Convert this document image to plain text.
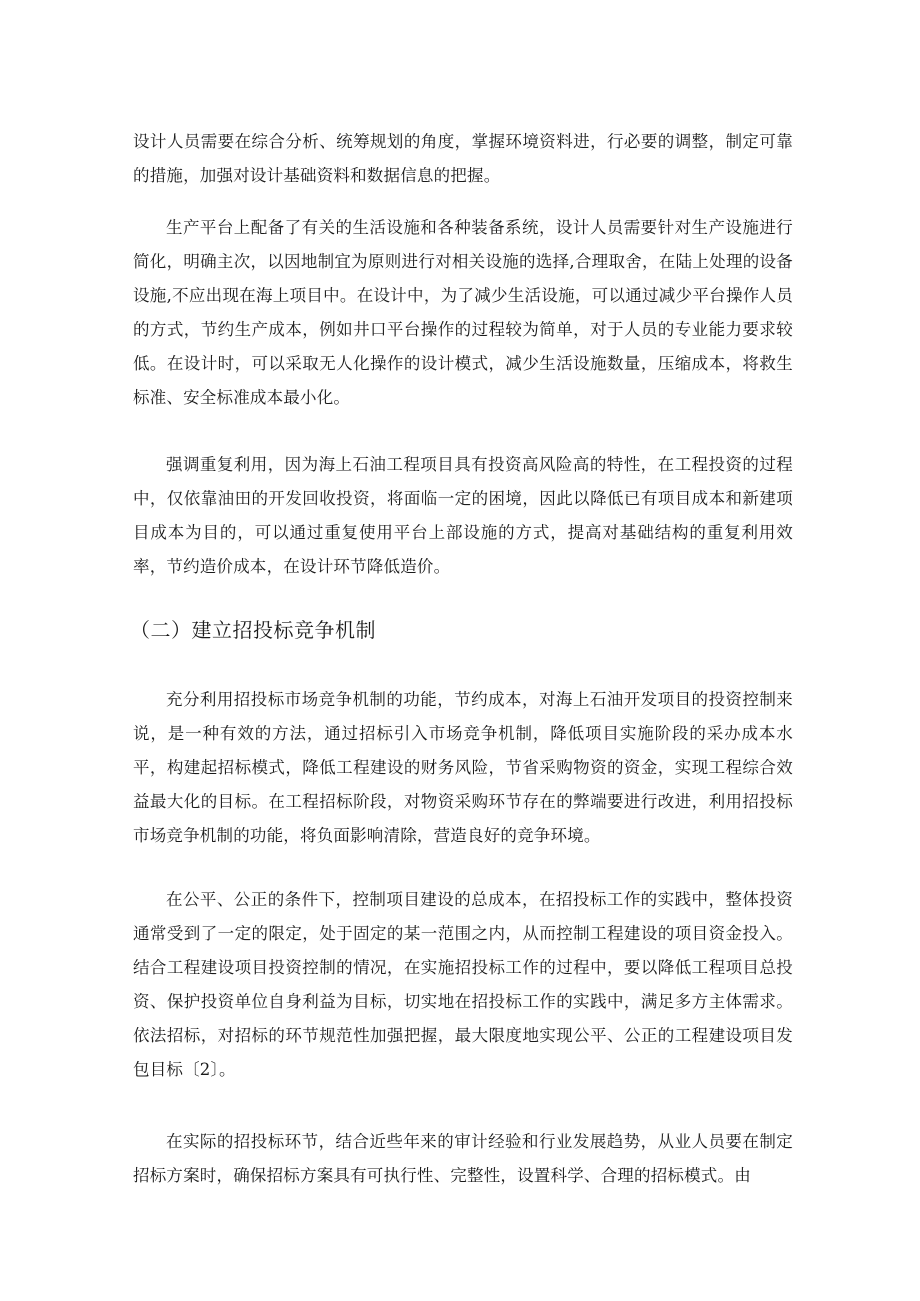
设计人员需要在综合分析、统筹规划的角度，掌握环境资料进，行必要的调整，制定可靠的措施，加强对设计基础资料和数据信息的把握。

生产平台上配备了有关的生活设施和各种装备系统，设计人员需要针对生产设施进行简化，明确主次，以因地制宜为原则进行对相关设施的选择,合理取舍，在陆上处理的设备设施,不应出现在海上项目中。在设计中，为了减少生活设施，可以通过减少平台操作人员的方式，节约生产成本，例如井口平台操作的过程较为简单，对于人员的专业能力要求较低。在设计时，可以采取无人化操作的设计模式，减少生活设施数量，压缩成本，将救生标准、安全标准成本最小化。

强调重复利用，因为海上石油工程项目具有投资高风险高的特性，在工程投资的过程中，仅依靠油田的开发回收投资，将面临一定的困境，因此以降低已有项目成本和新建项目成本为目的，可以通过重复使用平台上部设施的方式，提高对基础结构的重复利用效率，节约造价成本，在设计环节降低造价。

（二）建立招投标竞争机制

充分利用招投标市场竞争机制的功能，节约成本，对海上石油开发项目的投资控制来说，是一种有效的方法，通过招标引入市场竞争机制，降低项目实施阶段的采办成本水平，构建起招标模式，降低工程建设的财务风险，节省采购物资的资金，实现工程综合效益最大化的目标。在工程招标阶段，对物资采购环节存在的弊端要进行改进，利用招投标市场竞争机制的功能，将负面影响清除，营造良好的竞争环境。

在公平、公正的条件下，控制项目建设的总成本，在招投标工作的实践中，整体投资通常受到了一定的限定，处于固定的某一范围之内，从而控制工程建设的项目资金投入。结合工程建设项目投资控制的情况，在实施招投标工作的过程中，要以降低工程项目总投资、保护投资单位自身利益为目标，切实地在招投标工作的实践中，满足多方主体需求。依法招标，对招标的环节规范性加强把握，最大限度地实现公平、公正的工程建设项目发包目标〔2〕。

在实际的招投标环节，结合近些年来的审计经验和行业发展趋势，从业人员要在制定招标方案时，确保招标方案具有可执行性、完整性，设置科学、合理的招标模式。由
